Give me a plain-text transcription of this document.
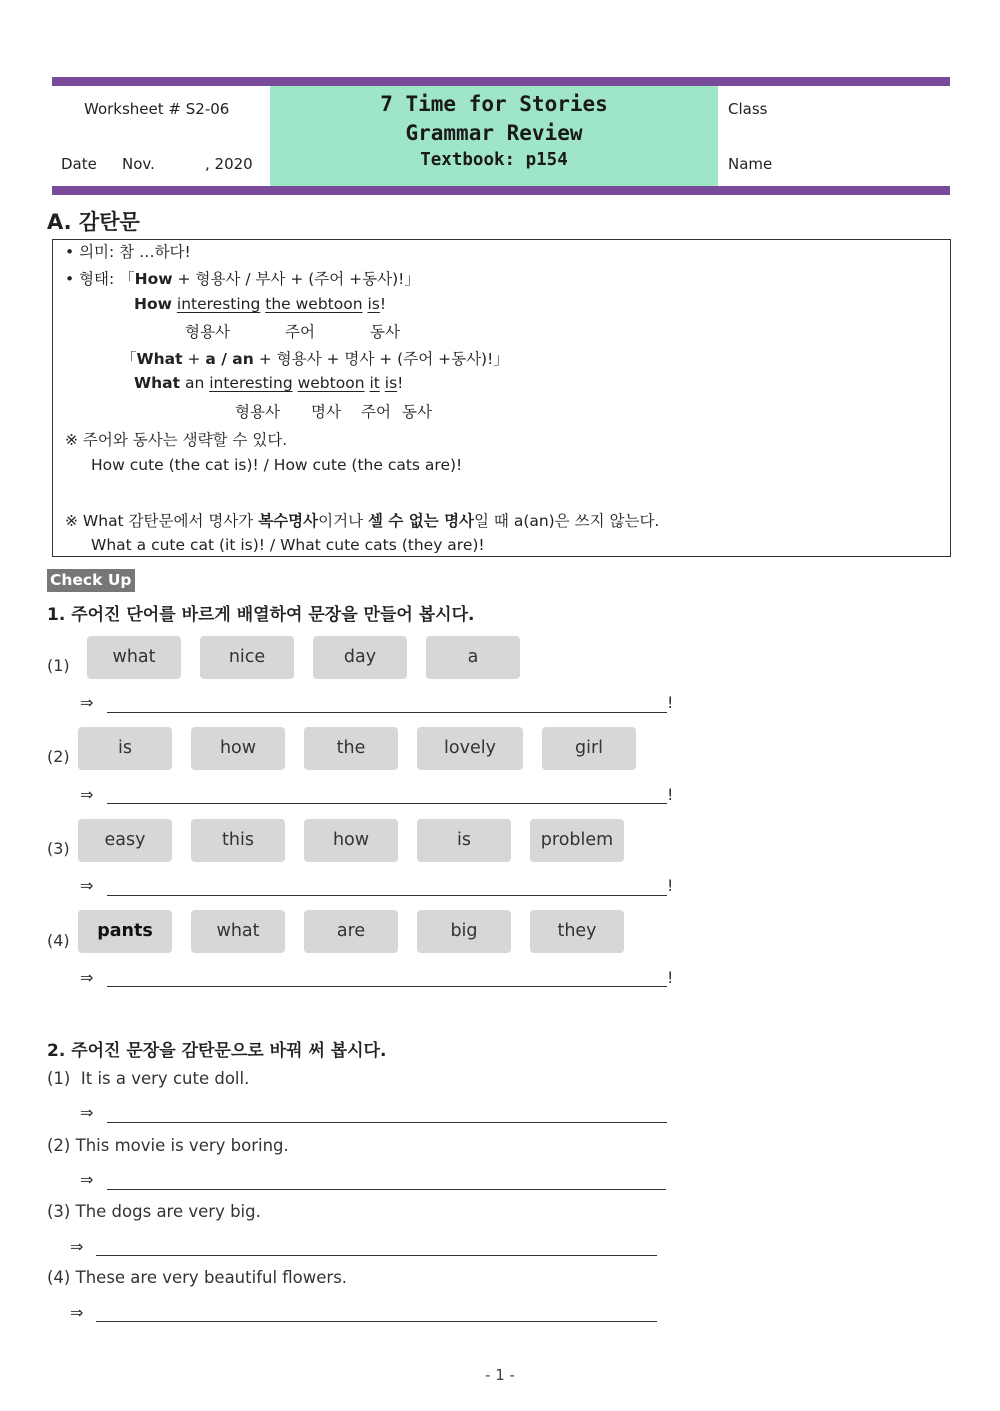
Worksheet # S2-06
Date Nov.	, 2020
7 Time for Stories
Grammar Review
Textbook: p154
Class
Name
A. 감탄문
• 의미: 참 …하다!
• 형태: 「How + 형용사 / 부사 + (주어 +동사)!」
How interesting the webtoon is!
형용사	주어	동사
「What + a / an + 형용사 + 명사 + (주어 +동사)!」
What an interesting webtoon it is!
형용사 명사 주어 동사
※ 주어와 동사는 생략할 수 있다.
How cute (the cat is)! / How cute (the cats are)!
※ What 감탄문에서 명사가 복수명사이거나 셀 수 없는 명사일 때 a(an)은 쓰지 않는다.
What a cute cat (it is)! / What cute cats (they are)!
Check Up
1. 주어진 단어를 바르게 배열하여 문장을 만들어 봅시다.
(1)	what	nice	day	a
⇒	!
(2)	is	how	the	lovely	girl
⇒	!
(3)	easy	this	how	is	problem
⇒	!
(4)	pants	what	are	big	they
⇒	!
2. 주어진 문장을 감탄문으로 바꿔 써 봅시다.
(1) It is a very cute doll.
⇒
(2) This movie is very boring.
⇒
(3) The dogs are very big.
⇒
(4) These are very beautiful flowers.
⇒
- 1 -
